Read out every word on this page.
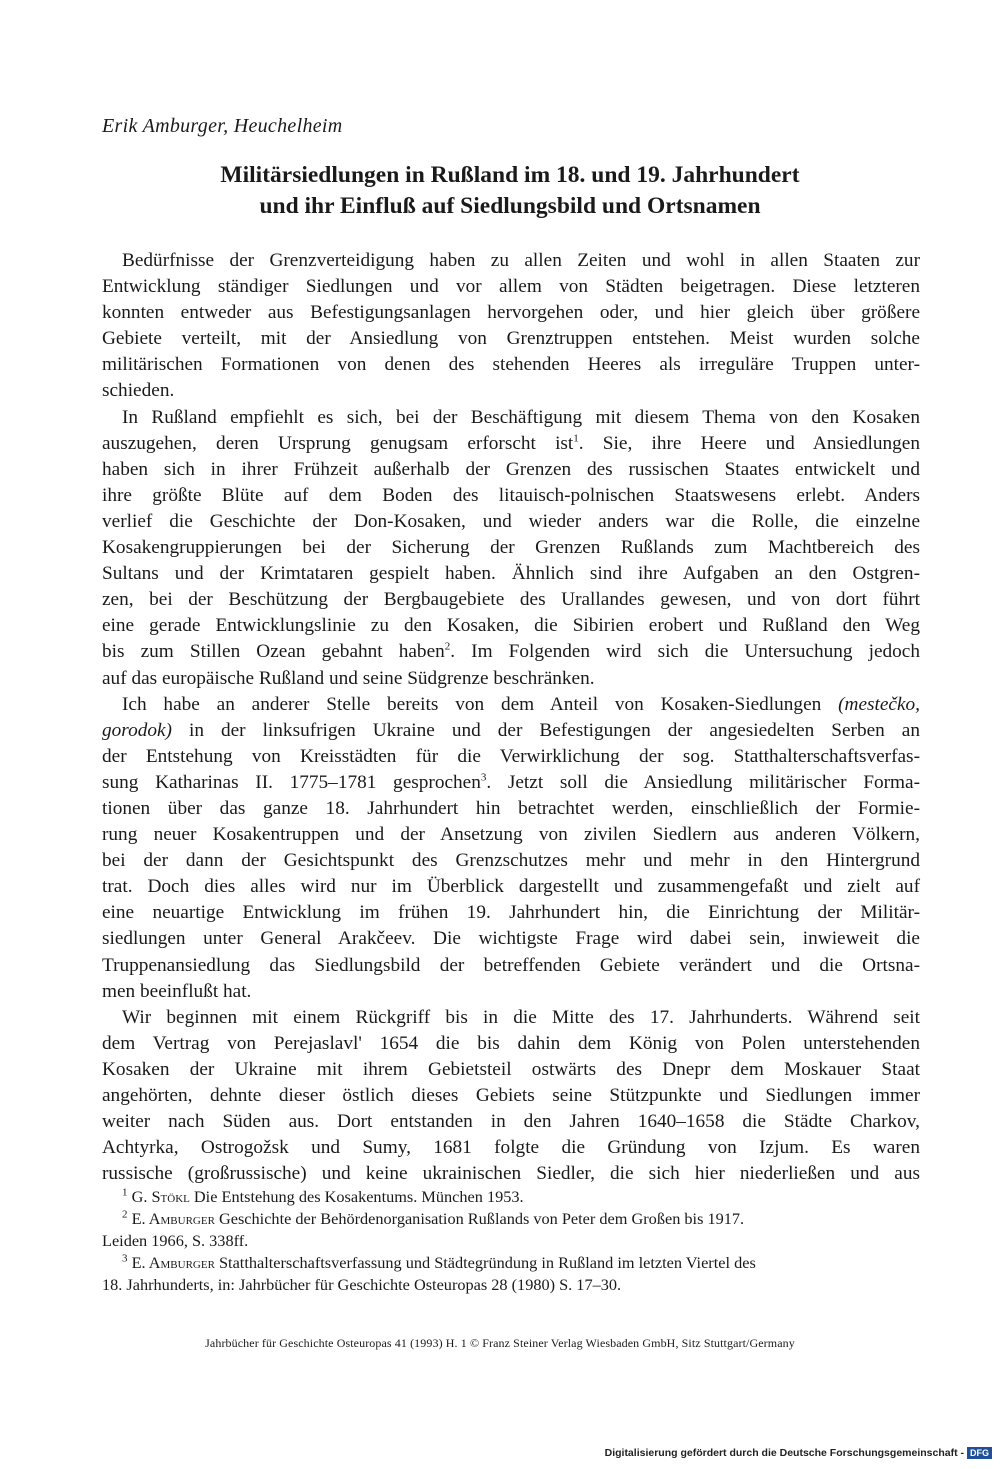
Erik Amburger, Heuchelheim
Militärsiedlungen in Rußland im 18. und 19. Jahrhundert
und ihr Einfluß auf Siedlungsbild und Ortsnamen
Bedürfnisse der Grenzverteidigung haben zu allen Zeiten und wohl in allen Staaten zur
Entwicklung ständiger Siedlungen und vor allem von Städten beigetragen. Diese letzteren
konnten entweder aus Befestigungsanlagen hervorgehen oder, und hier gleich über größere
Gebiete verteilt, mit der Ansiedlung von Grenztruppen entstehen. Meist wurden solche
militärischen Formationen von denen des stehenden Heeres als irreguläre Truppen unter-
schieden.
In Rußland empfiehlt es sich, bei der Beschäftigung mit diesem Thema von den Kosaken
auszugehen, deren Ursprung genugsam erforscht ist$^1$. Sie, ihre Heere und Ansiedlungen
haben sich in ihrer Frühzeit außerhalb der Grenzen des russischen Staates entwickelt und
ihre größte Blüte auf dem Boden des litauisch-polnischen Staatswesens erlebt. Anders
verlief die Geschichte der Don-Kosaken, und wieder anders war die Rolle, die einzelne
Kosakengruppierungen bei der Sicherung der Grenzen Rußlands zum Machtbereich des
Sultans und der Krimtataren gespielt haben. Ähnlich sind ihre Aufgaben an den Ostgren-
zen, bei der Beschützung der Bergbaugebiete des Urallandes gewesen, und von dort führt
eine gerade Entwicklungslinie zu den Kosaken, die Sibirien erobert und Rußland den Weg
bis zum Stillen Ozean gebahnt haben$^2$. Im Folgenden wird sich die Untersuchung jedoch
auf das europäische Rußland und seine Südgrenze beschränken.
Ich habe an anderer Stelle bereits von dem Anteil von Kosaken-Siedlungen (mestečko,
gorodok) in der linksufrigen Ukraine und der Befestigungen der angesiedelten Serben an
der Entstehung von Kreisstädten für die Verwirklichung der sog. Statthalterschaftsverfas-
sung Katharinas II. 1775–1781 gesprochen$^3$. Jetzt soll die Ansiedlung militärischer Forma-
tionen über das ganze 18. Jahrhundert hin betrachtet werden, einschließlich der Formie-
rung neuer Kosakentruppen und der Ansetzung von zivilen Siedlern aus anderen Völkern,
bei der dann der Gesichtspunkt des Grenzschutzes mehr und mehr in den Hintergrund
trat. Doch dies alles wird nur im Überblick dargestellt und zusammengefaßt und zielt auf
eine neuartige Entwicklung im frühen 19. Jahrhundert hin, die Einrichtung der Militär-
siedlungen unter General Arakčeev. Die wichtigste Frage wird dabei sein, inwieweit die
Truppenansiedlung das Siedlungsbild der betreffenden Gebiete verändert und die Ortsna-
men beeinflußt hat.
Wir beginnen mit einem Rückgriff bis in die Mitte des 17. Jahrhunderts. Während seit
dem Vertrag von Perejaslavl' 1654 die bis dahin dem König von Polen unterstehenden
Kosaken der Ukraine mit ihrem Gebietsteil ostwärts des Dnepr dem Moskauer Staat
angehörten, dehnte dieser östlich dieses Gebiets seine Stützpunkte und Siedlungen immer
weiter nach Süden aus. Dort entstanden in den Jahren 1640–1658 die Städte Charkov,
Achtyrka, Ostrogožsk und Sumy, 1681 folgte die Gründung von Izjum. Es waren
russische (großrussische) und keine ukrainischen Siedler, die sich hier niederließen und aus
$^1$ G. Stökl Die Entstehung des Kosakentums. München 1953.
$^2$ E. Amburger Geschichte der Behördenorganisation Rußlands von Peter dem Großen bis 1917.
Leiden 1966, S. 338ff.
$^3$ E. Amburger Statthalterschaftsverfassung und Städtegründung in Rußland im letzten Viertel des
18. Jahrhunderts, in: Jahrbücher für Geschichte Osteuropas 28 (1980) S. 17–30.
Jahrbücher für Geschichte Osteuropas 41 (1993) H. 1 © Franz Steiner Verlag Wiesbaden GmbH, Sitz Stuttgart/Germany
Digitalisierung gefördert durch die Deutsche Forschungsgemeinschaft - DFG
